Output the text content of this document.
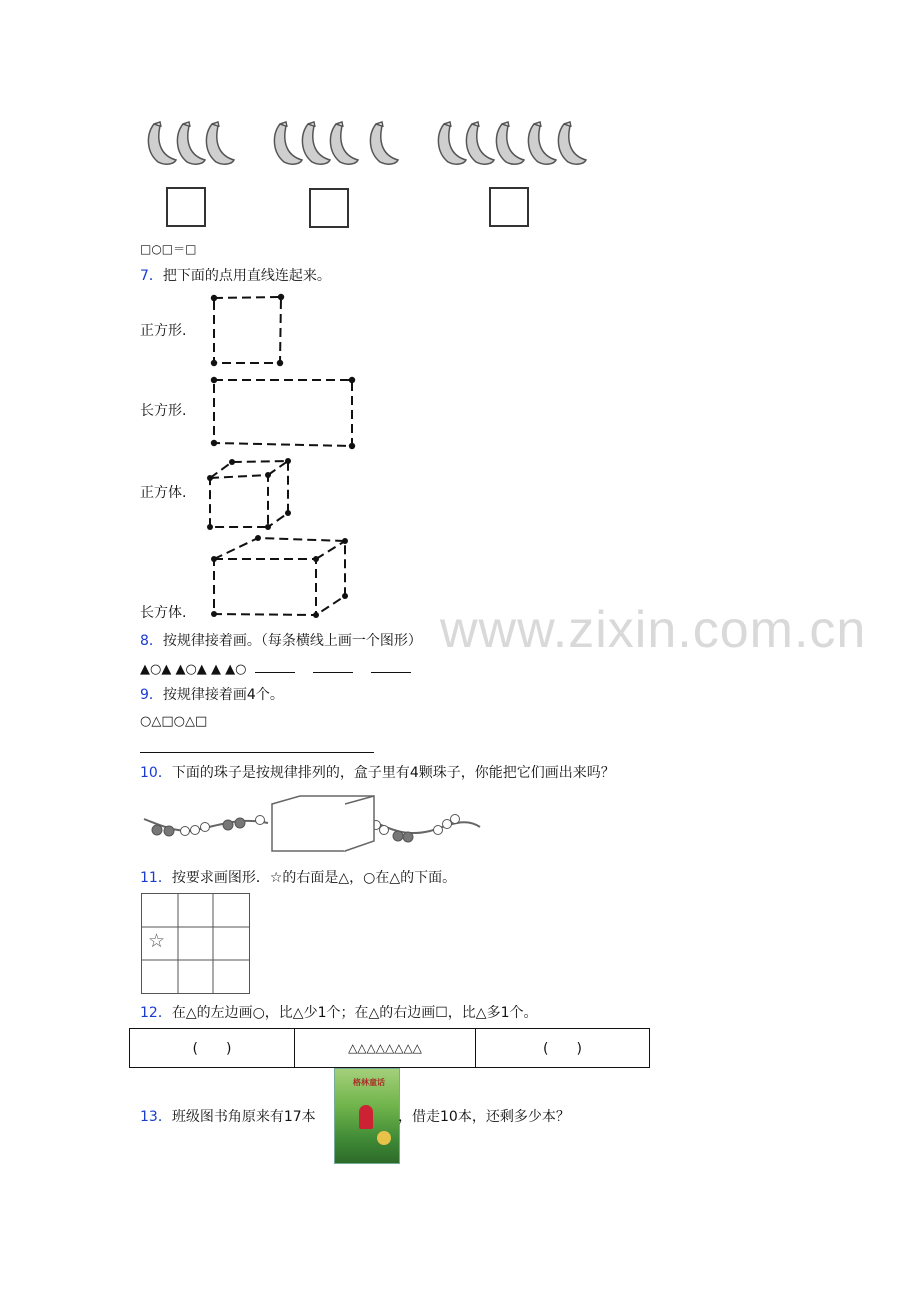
www.zixin.com.cn
□○□＝□
7．把下面的点用直线连起来。
正方形.
长方形.
正方体.
长方体.
8．按规律接着画。（每条横线上画一个图形）
▲○▲ ▲○▲ ▲ ▲○
9．按规律接着画4个。
○△□○△□
10．下面的珠子是按规律排列的，盒子里有4颗珠子，你能把它们画出来吗？
11．按要求画图形．☆的右面是△，○在△的下面。
☆
12．在△的左边画○，比△少1个；在△的右边画☐，比△多1个。
(　　)	△△△△△△△△	(　　)
13．班级图书角原来有17本
格林童话
，借走10本，还剩多少本？
